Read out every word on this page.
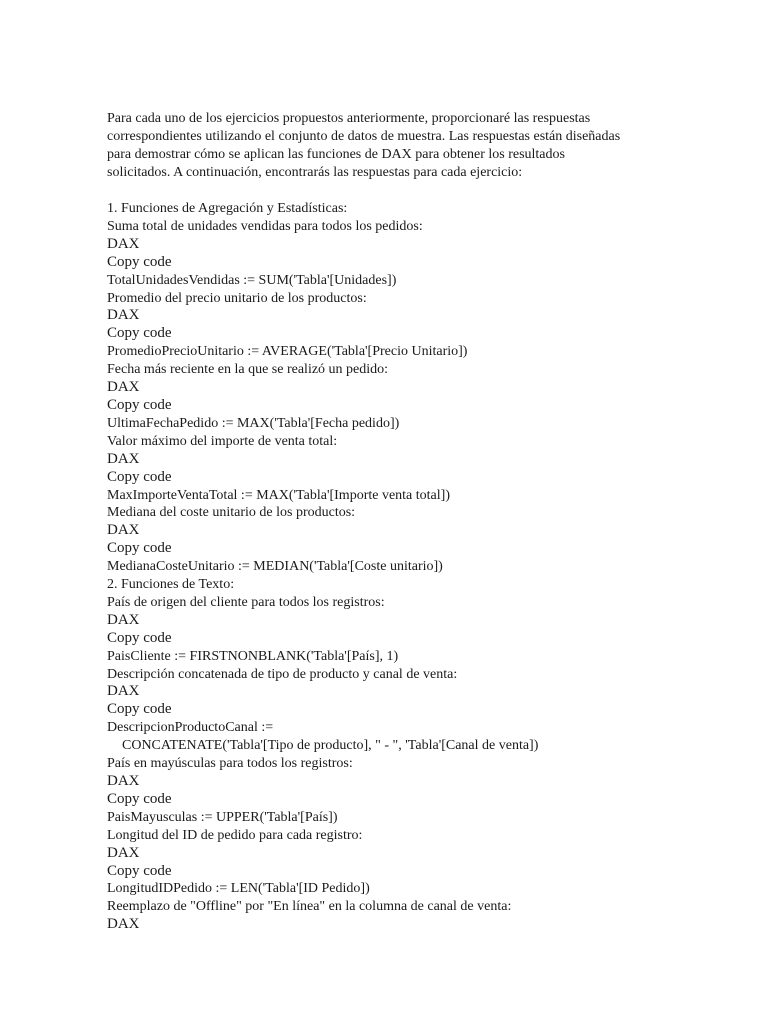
Para cada uno de los ejercicios propuestos anteriormente, proporcionaré las respuestas

correspondientes utilizando el conjunto de datos de muestra. Las respuestas están diseñadas

para demostrar cómo se aplican las funciones de DAX para obtener los resultados

solicitados. A continuación, encontrarás las respuestas para cada ejercicio:

1. Funciones de Agregación y Estadísticas:
Suma total de unidades vendidas para todos los pedidos:
DAX
Copy code
TotalUnidadesVendidas := SUM('Tabla'[Unidades])
Promedio del precio unitario de los productos:
DAX
Copy code
PromedioPrecioUnitario := AVERAGE('Tabla'[Precio Unitario])
Fecha más reciente en la que se realizó un pedido:
DAX
Copy code
UltimaFechaPedido := MAX('Tabla'[Fecha pedido])
Valor máximo del importe de venta total:
DAX
Copy code
MaxImporteVentaTotal := MAX('Tabla'[Importe venta total])
Mediana del coste unitario de los productos:
DAX
Copy code
MedianaCosteUnitario := MEDIAN('Tabla'[Coste unitario])
2. Funciones de Texto:
País de origen del cliente para todos los registros:
DAX
Copy code
PaisCliente := FIRSTNONBLANK('Tabla'[País], 1)
Descripción concatenada de tipo de producto y canal de venta:
DAX
Copy code
DescripcionProductoCanal :=
CONCATENATE('Tabla'[Tipo de producto], " - ", 'Tabla'[Canal de venta])
País en mayúsculas para todos los registros:
DAX
Copy code
PaisMayusculas := UPPER('Tabla'[País])
Longitud del ID de pedido para cada registro:
DAX
Copy code
LongitudIDPedido := LEN('Tabla'[ID Pedido])
Reemplazo de "Offline" por "En línea" en la columna de canal de venta:
DAX
